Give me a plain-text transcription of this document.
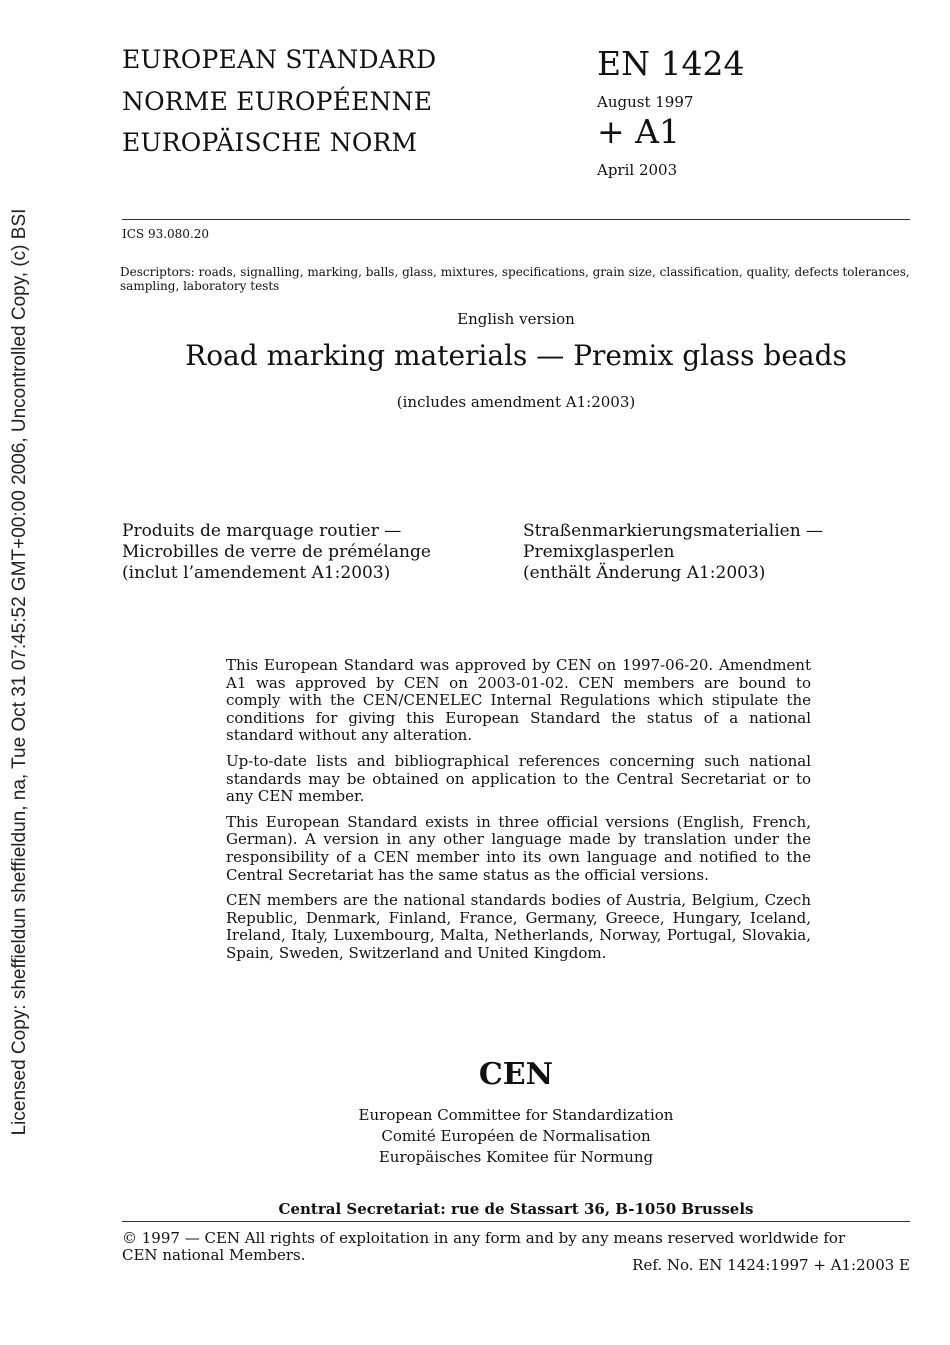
Licensed Copy: sheffieldun sheffieldun, na, Tue Oct 31 07:45:52 GMT+00:00 2006, Uncontrolled Copy, (c) BSI
EUROPEAN STANDARD
NORME EUROPÉENNE
EUROPÄISCHE NORM
EN 1424
August 1997
+ A1
April 2003
ICS 93.080.20
Descriptors: roads, signalling, marking, balls, glass, mixtures, specifications, grain size, classification, quality, defects tolerances, sampling, laboratory tests
English version
Road marking materials — Premix glass beads
(includes amendment A1:2003)
Produits de marquage routier —
Microbilles de verre de prémélange
(inclut l’amendement A1:2003)
Straßenmarkierungsmaterialien —
Premixglasperlen
(enthält Änderung A1:2003)

This European Standard was approved by CEN on 1997-06-20. Amendment A1 was approved by CEN on 2003-01-02. CEN members are bound to comply with the CEN/CENELEC Internal Regulations which stipulate the conditions for giving this European Standard the status of a national standard without any alteration.

Up-to-date lists and bibliographical references concerning such national standards may be obtained on application to the Central Secretariat or to any CEN member.

This European Standard exists in three official versions (English, French, German). A version in any other language made by translation under the responsibility of a CEN member into its own language and notified to the Central Secretariat has the same status as the official versions.

CEN members are the national standards bodies of Austria, Belgium, Czech Republic, Denmark, Finland, France, Germany, Greece, Hungary, Iceland, Ireland, Italy, Luxembourg, Malta, Netherlands, Norway, Portugal, Slovakia, Spain, Sweden, Switzerland and United Kingdom.

CEN
European Committee for Standardization
Comité Européen de Normalisation
Europäisches Komitee für Normung
Central Secretariat: rue de Stassart 36, B-1050 Brussels
© 1997 — CEN All rights of exploitation in any form and by any means reserved worldwide for CEN national Members.
Ref. No. EN 1424:1997 + A1:2003 E
